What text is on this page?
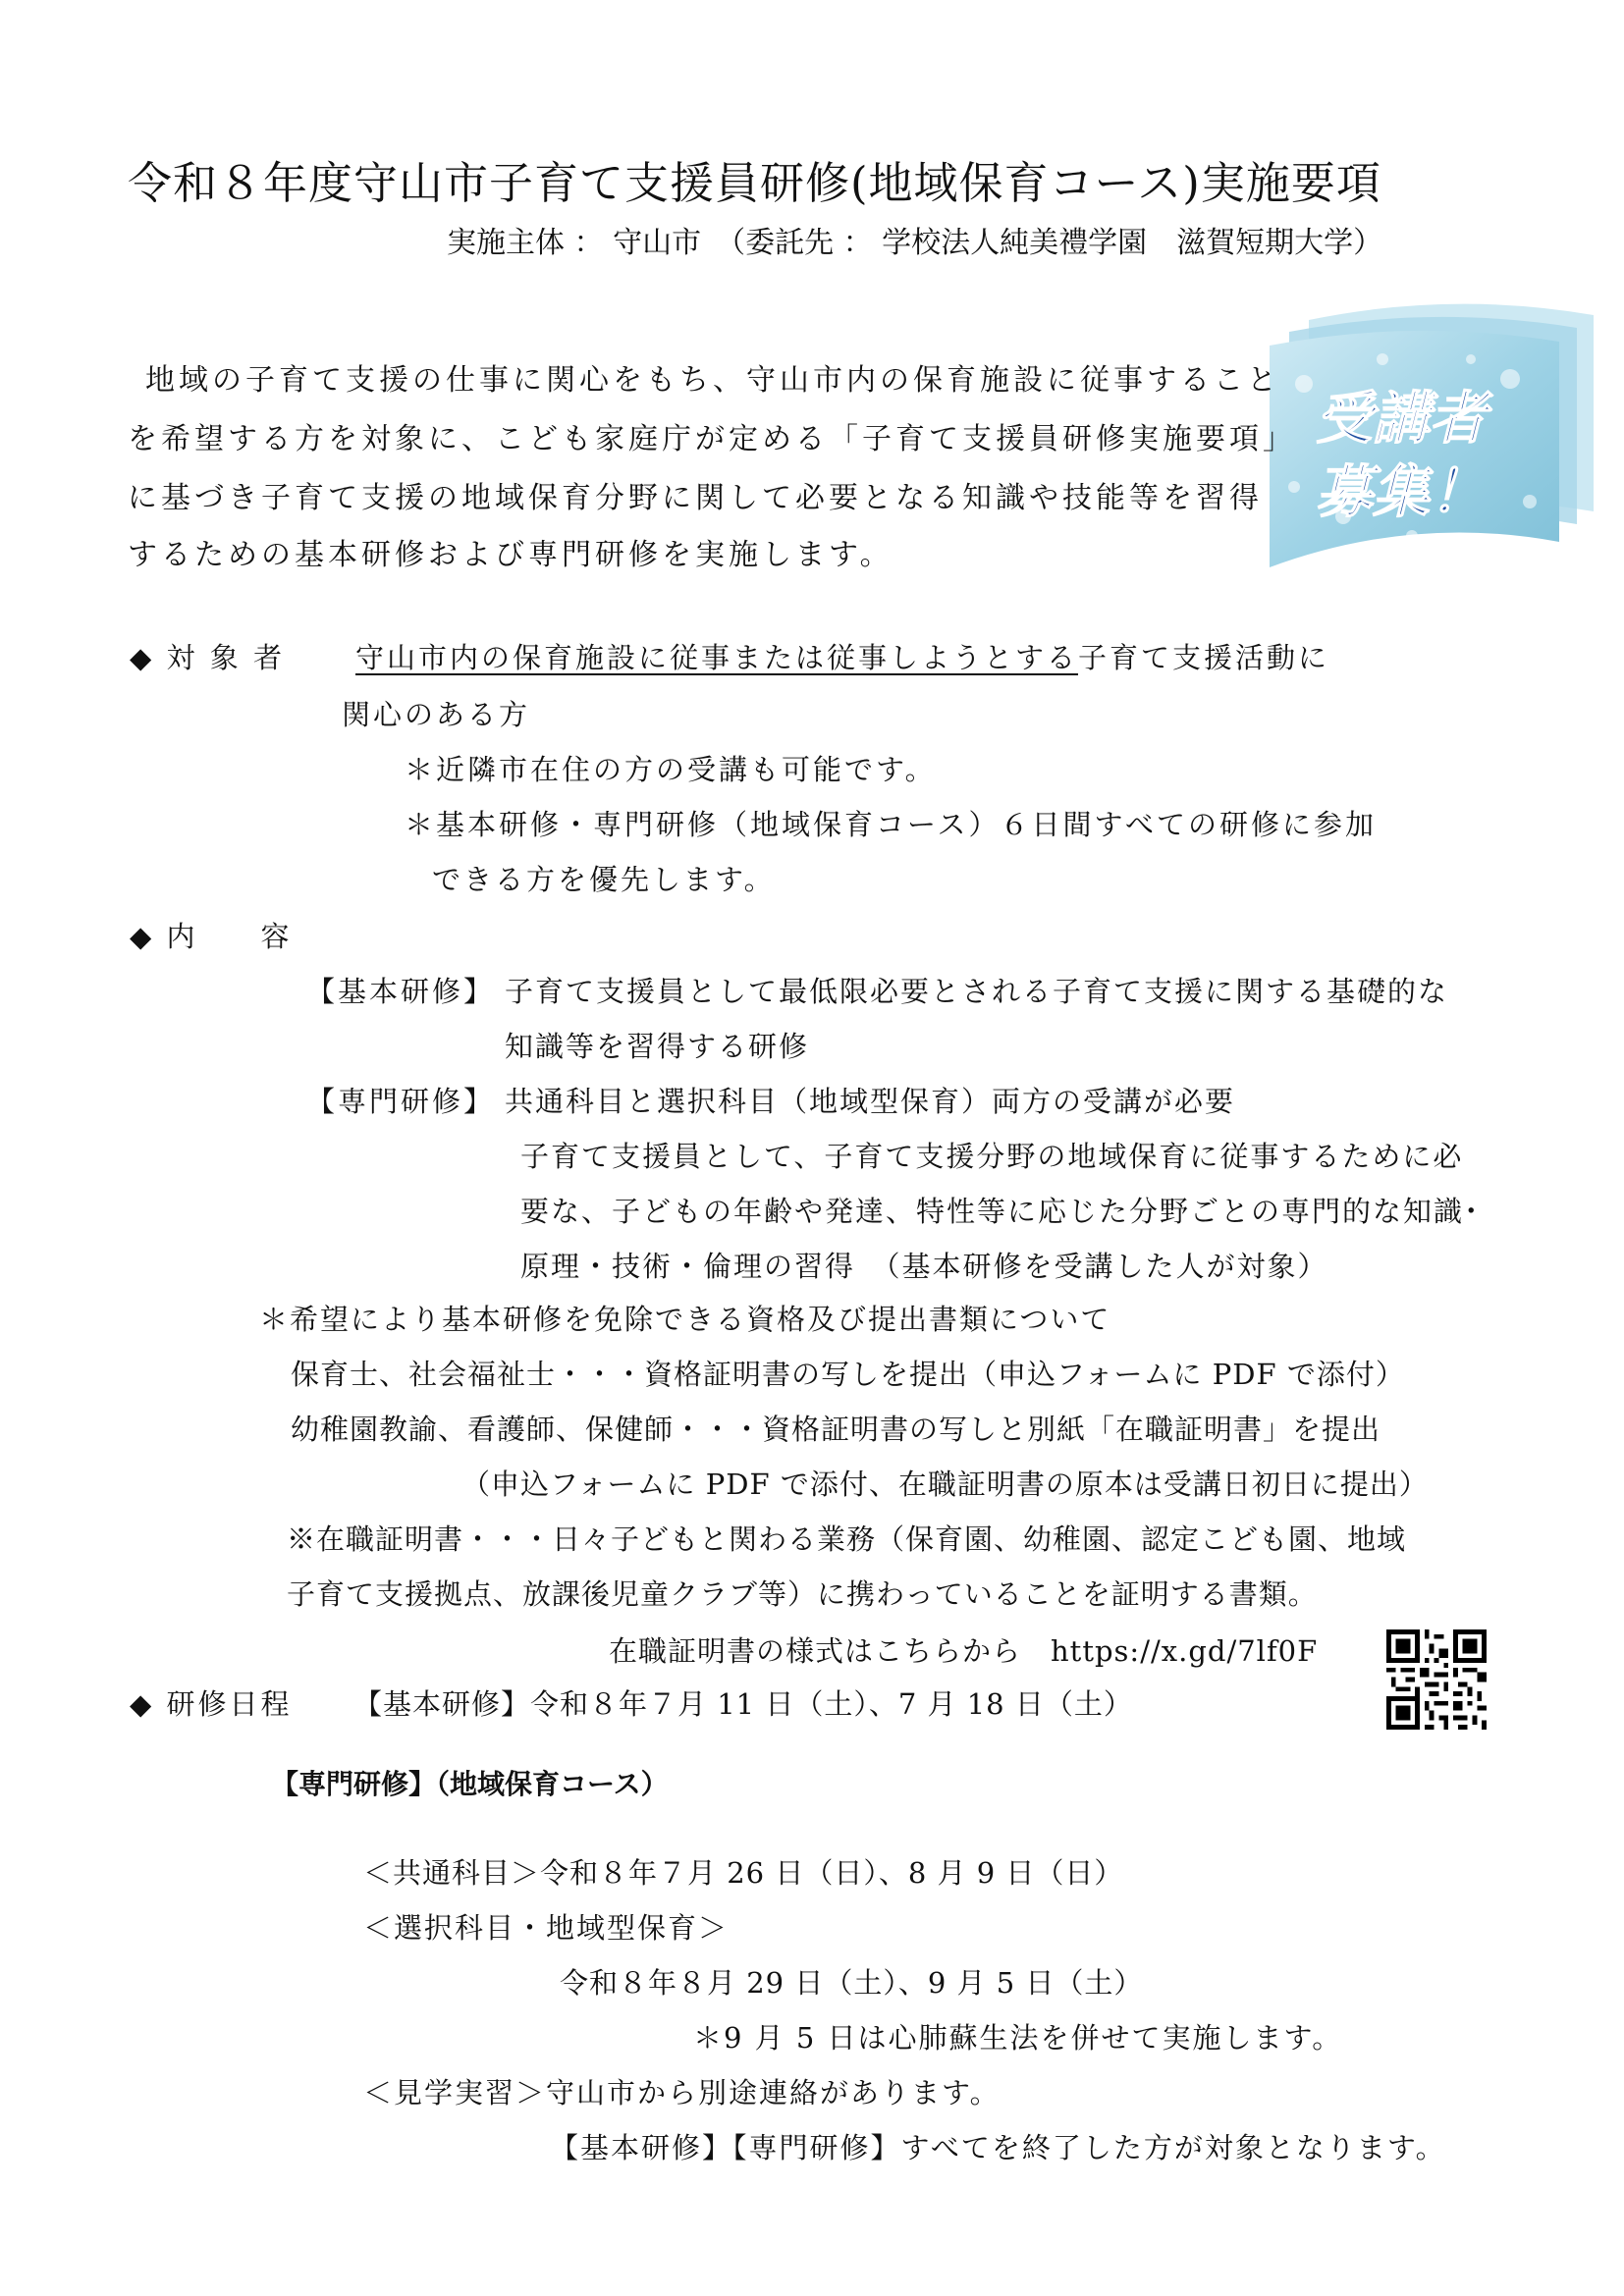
令和８年度守山市子育て支援員研修(地域保育コース)実施要項
実施主体 ： 守山市　（委託先 ： 学校法人純美禮学園　滋賀短期大学）
受講者
募集！
地域の子育て支援の仕事に関心をもち、守山市内の保育施設に従事すること
を希望する方を対象に、こども家庭庁が定める「子育て支援員研修実施要項」
に基づき子育て支援の地域保育分野に関して必要となる知識や技能等を習得
するための基本研修および専門研修を実施します。
◆ 対 象 者 守山市内の保育施設に従事または従事しようとする子育て支援活動に
関心のある方
＊近隣市在住の方の受講も可能です。
＊基本研修・専門研修（地域保育コース）６日間すべての研修に参加
できる方を優先します。
◆ 内　　容
【基本研修】 子育て支援員として最低限必要とされる子育て支援に関する基礎的な
知識等を習得する研修
【専門研修】 共通科目と選択科目（地域型保育）両方の受講が必要
子育て支援員として、子育て支援分野の地域保育に従事するために必
要な、子どもの年齢や発達、特性等に応じた分野ごとの専門的な知識･
原理・技術・倫理の習得　（基本研修を受講した人が対象）
＊希望により基本研修を免除できる資格及び提出書類について
保育士、社会福祉士・・・資格証明書の写しを提出（申込フォームに PDF で添付）
幼稚園教諭、看護師、保健師・・・資格証明書の写しと別紙「在職証明書」を提出
（申込フォームに PDF で添付、在職証明書の原本は受講日初日に提出）
※在職証明書・・・日々子どもと関わる業務（保育園、幼稚園、認定こども園、地域
子育て支援拠点、放課後児童クラブ等）に携わっていることを証明する書類。
在職証明書の様式はこちらから　https://x.gd/7lf0F
◆ 研修日程 【基本研修】令和８年７月 11 日（土）、7 月 18 日（土）
【専門研修】（地域保育コース）
＜共通科目＞令和８年７月 26 日（日）、8 月 9 日（日）
＜選択科目・地域型保育＞
令和８年８月 29 日（土）、9 月 5 日（土）
＊9 月 5 日は心肺蘇生法を併せて実施します。
＜見学実習＞守山市から別途連絡があります。
【基本研修】【専門研修】すべてを終了した方が対象となります。
